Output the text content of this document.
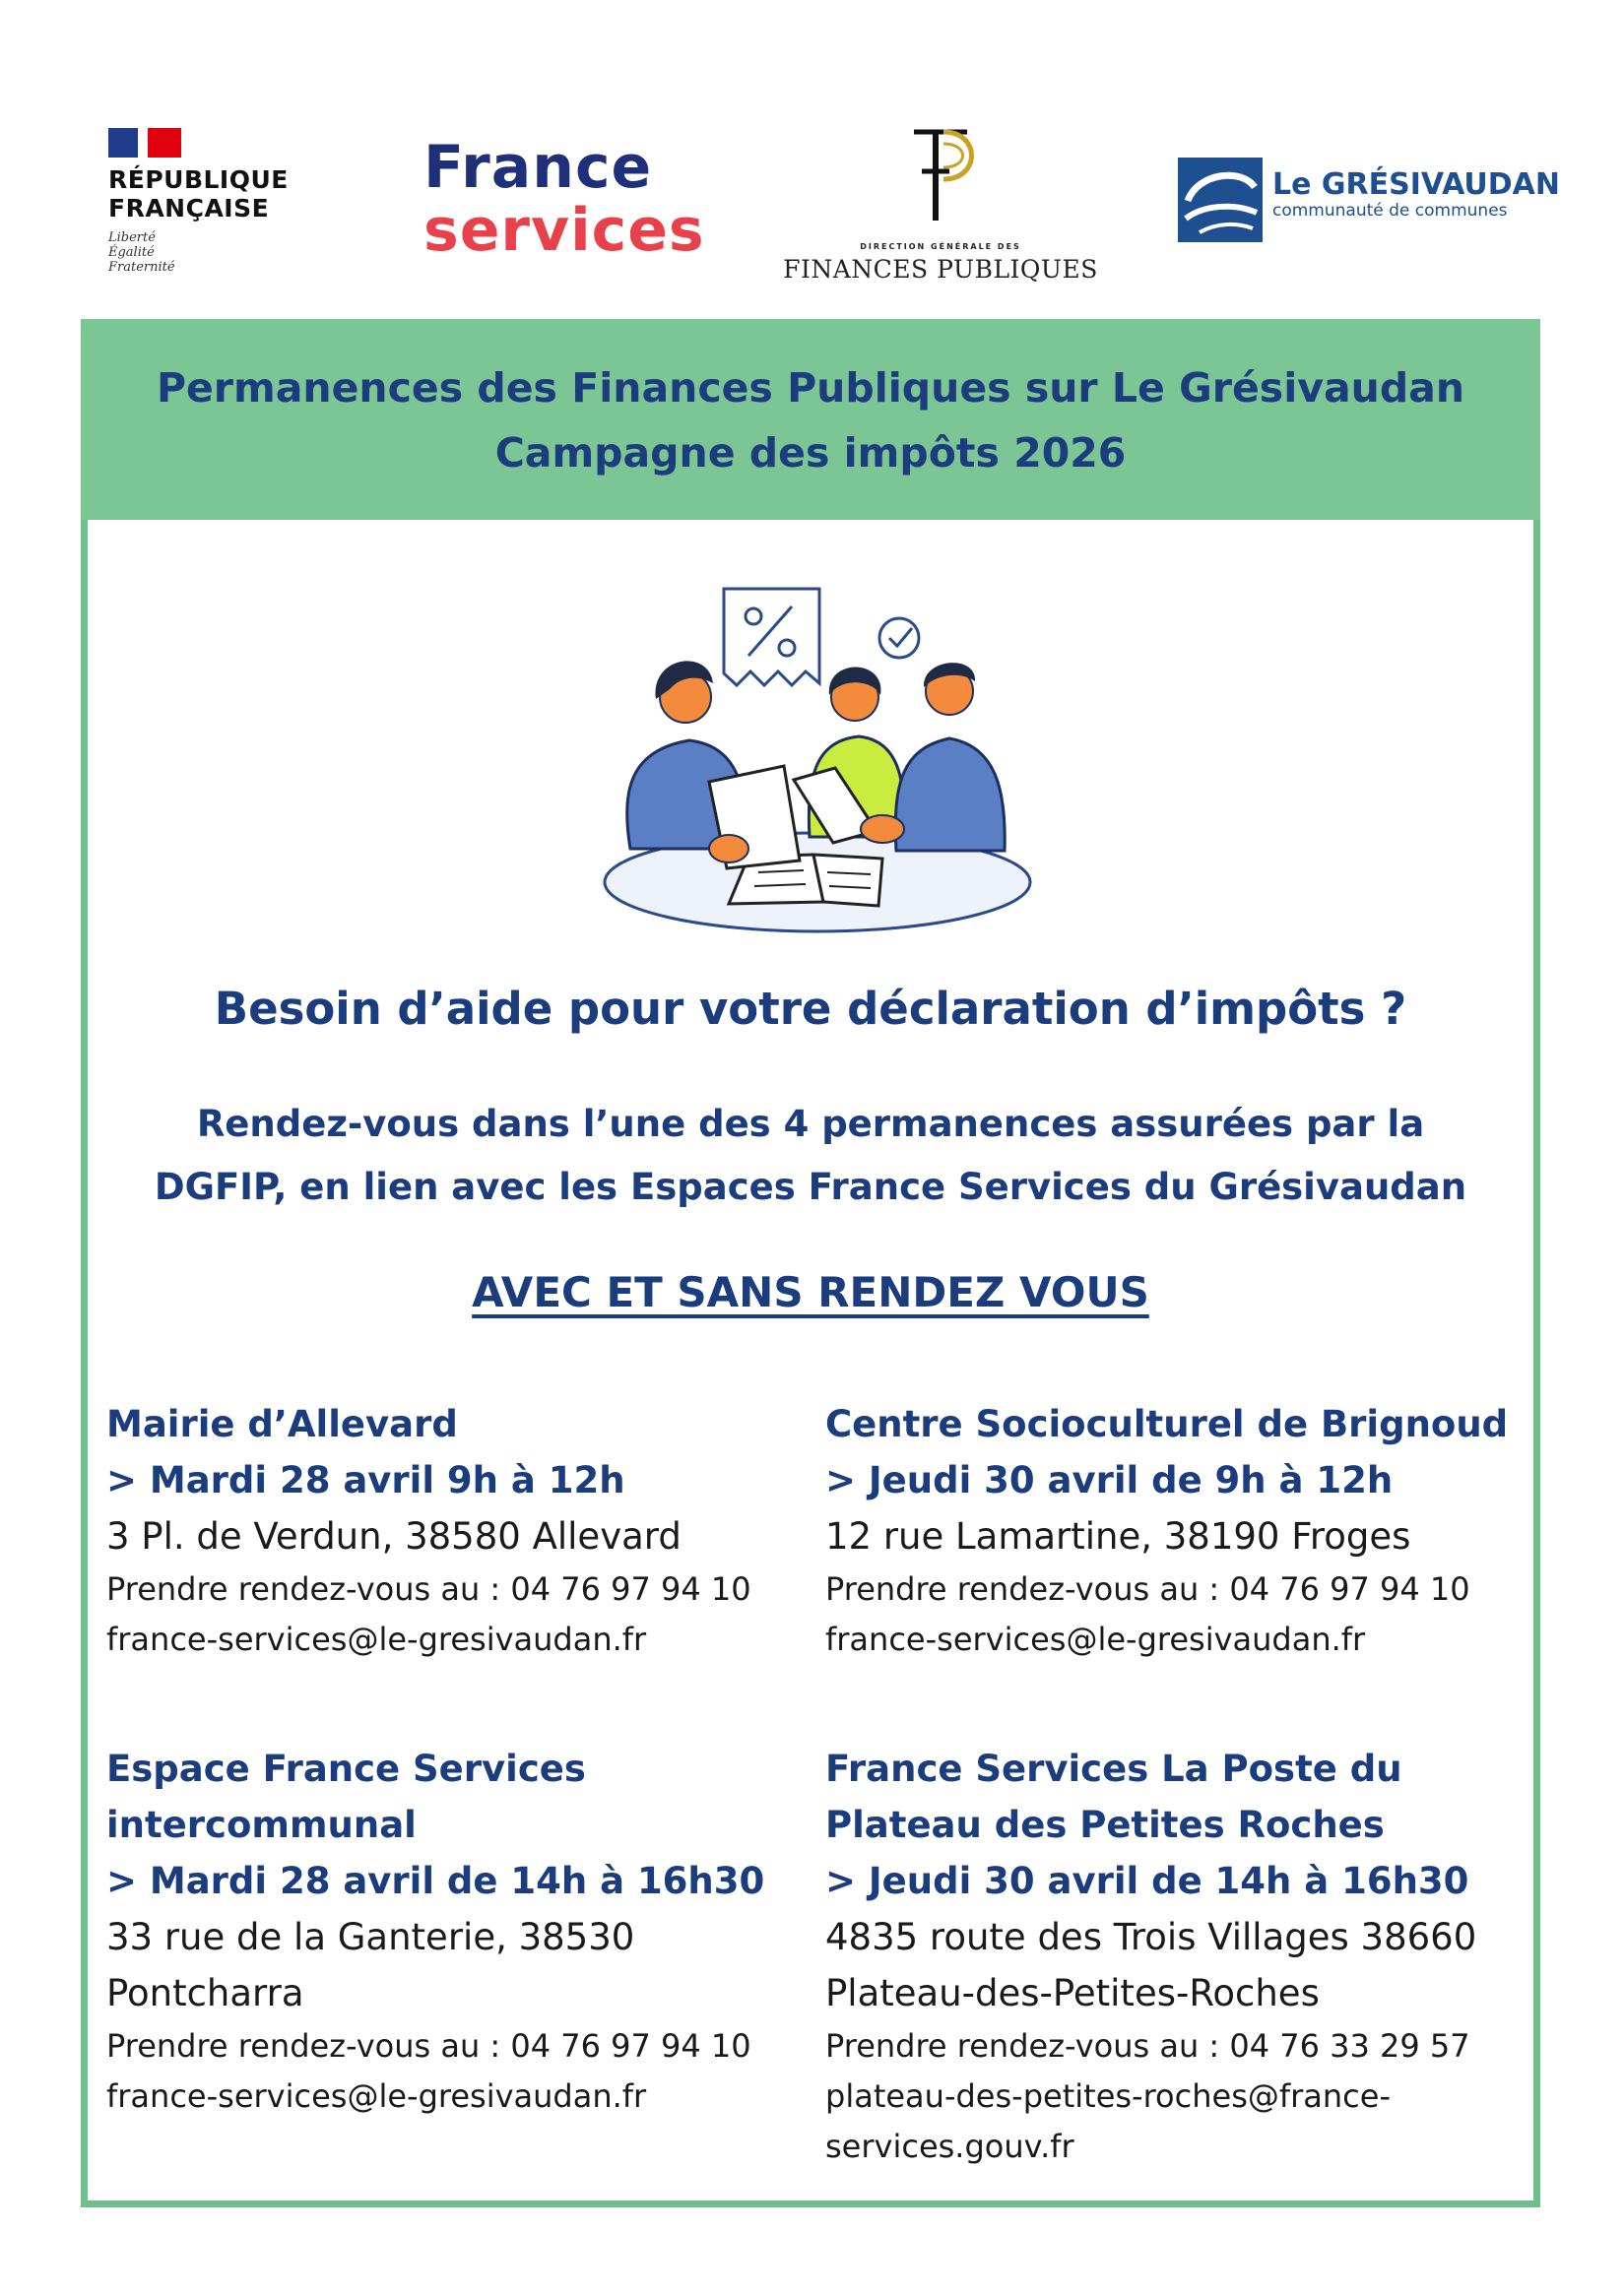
RÉPUBLIQUE
FRANÇAISE
Liberté
Égalité
Fraternité
France
services	DIRECTION GÉNÉRALE DES
FINANCES PUBLIQUES
Le GRÉSIVAUDAN
communauté de communes
Permanences des Finances Publiques sur Le Grésivaudan
Campagne des impôts 2026
Besoin d’aide pour votre déclaration d’impôts ?
Rendez-vous dans l’une des 4 permanences assurées par la
DGFIP, en lien avec les Espaces France Services du Grésivaudan
AVEC ET SANS RENDEZ VOUS
Mairie d’Allevard
> Mardi 28 avril 9h à 12h
3 Pl. de Verdun, 38580 Allevard
Prendre rendez-vous au : 04 76 97 94 10
france-services@le-gresivaudan.fr
Centre Socioculturel de Brignoud
> Jeudi 30 avril de 9h à 12h
12 rue Lamartine, 38190 Froges
Prendre rendez-vous au : 04 76 97 94 10
france-services@le-gresivaudan.fr
Espace France Services
intercommunal
> Mardi 28 avril de 14h à 16h30
33 rue de la Ganterie, 38530
Pontcharra
Prendre rendez-vous au : 04 76 97 94 10
france-services@le-gresivaudan.fr
France Services La Poste du
Plateau des Petites Roches
> Jeudi 30 avril de 14h à 16h30
4835 route des Trois Villages 38660
Plateau-des-Petites-Roches
Prendre rendez-vous au : 04 76 33 29 57
plateau-des-petites-roches@france-
services.gouv.fr
